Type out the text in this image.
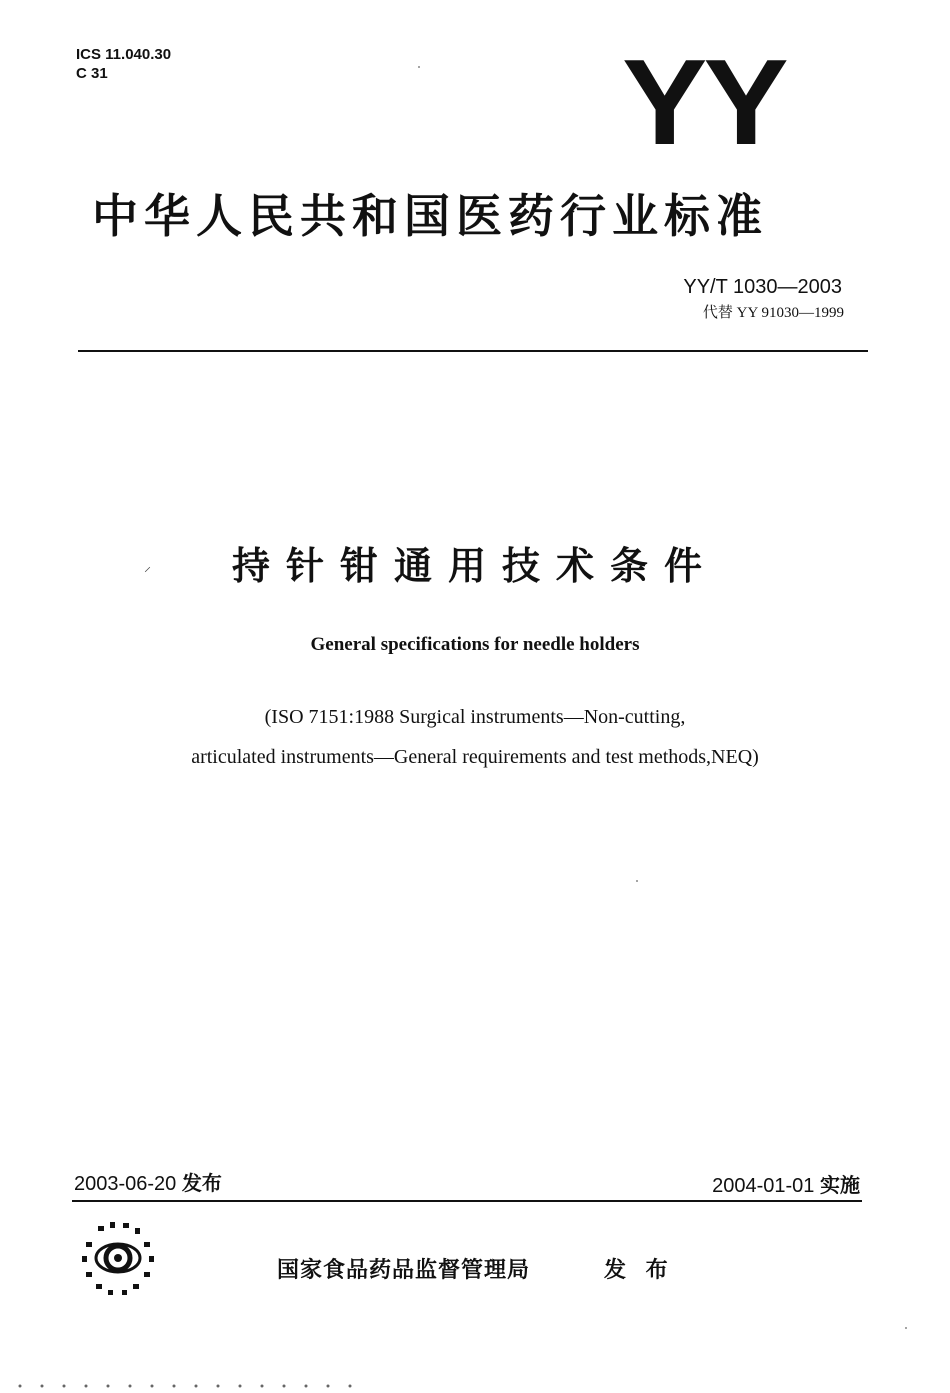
ICS 11.040.30
C 31	YY
中华人民共和国医药行业标准
YY/T 1030—2003
代替 YY 91030—1999
⸝	持针钳通用技术条件
General specifications for needle holders
(ISO 7151:1988 Surgical instruments—Non-cutting,
articulated instruments—General requirements and test methods,NEQ)
2003-06-20 发布	2004-01-01 实施
国家食品药品监督管理局	发 布
